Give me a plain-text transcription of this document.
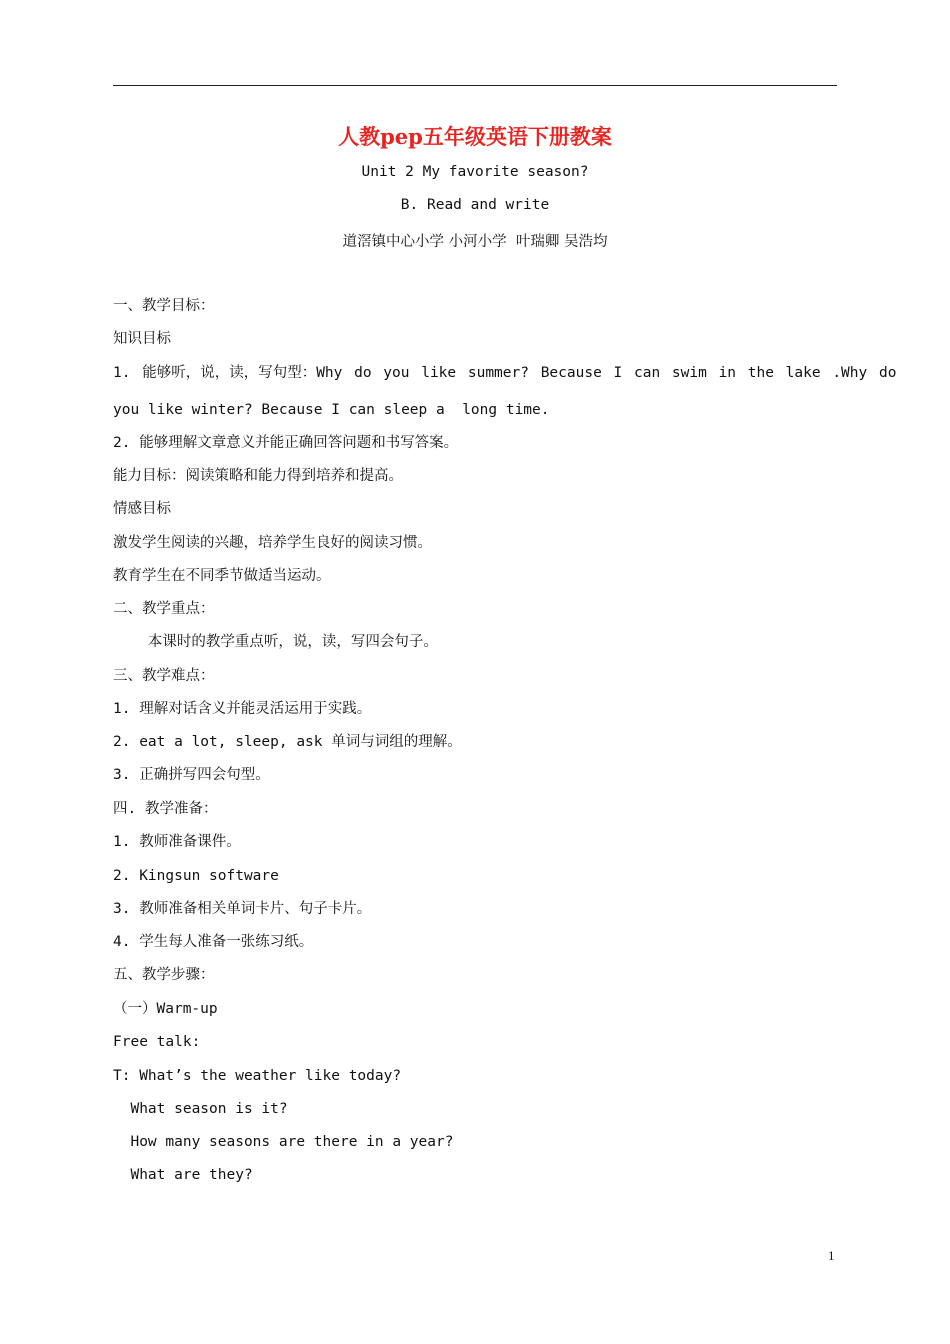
人教pep五年级英语下册教案
Unit 2 My favorite season?
B. Read and write
道滘镇中心小学 小河小学  叶瑞卿 吴浩均
一、教学目标：
知识目标
1. 能够听，说，读，写句型：Why do you like summer? Because I can swim in the lake .Why do
you like winter? Because I can sleep a  long time.
2. 能够理解文章意义并能正确回答问题和书写答案。
能力目标：阅读策略和能力得到培养和提高。
情感目标
激发学生阅读的兴趣，培养学生良好的阅读习惯。
教育学生在不同季节做适当运动。
二、教学重点：
本课时的教学重点听，说，读，写四会句子。
三、教学难点：
1. 理解对话含义并能灵活运用于实践。
2. eat a lot, sleep, ask 单词与词组的理解。
3. 正确拼写四会句型。
四. 教学准备：
1. 教师准备课件。
2. Kingsun software
3. 教师准备相关单词卡片、句子卡片。
4. 学生每人准备一张练习纸。
五、教学步骤：
（一）Warm-up
Free talk:
T: What’s the weather like today?
What season is it?
How many seasons are there in a year?
What are they?
1
